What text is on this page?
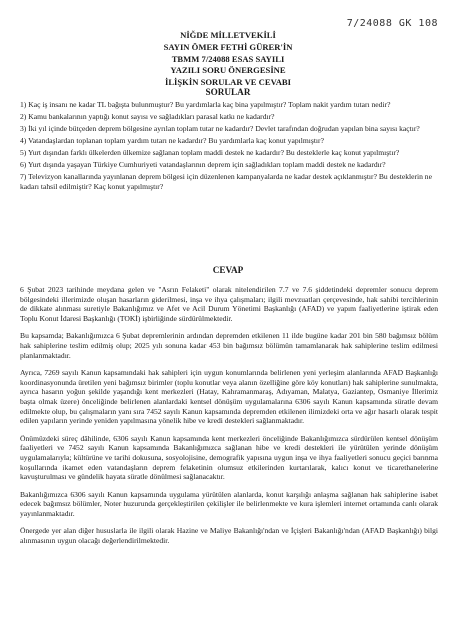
7/24088 GK 108
NİĞDE MİLLETVEKİLİ
SAYIN ÖMER FETHİ GÜRER'İN
TBMM 7/24088 ESAS SAYILI
YAZILI SORU ÖNERGESİNE
İLİŞKİN SORULAR VE CEVABI
SORULAR

1) Kaç iş insanı ne kadar TL bağışta bulunmuştur? Bu yardımlarla kaç bina yapılmıştır? Toplam nakit yardım tutarı nedir?

2) Kamu bankalarının yaptığı konut sayısı ve sağladıkları parasal katkı ne kadardır?

3) İki yıl içinde bütçeden deprem bölgesine ayrılan toplam tutar ne kadardır? Devlet tarafından doğrudan yapılan bina sayısı kaçtır?

4) Vatandaşlardan toplanan toplam yardım tutarı ne kadardır? Bu yardımlarla kaç konut yapılmıştır?

5) Yurt dışından farklı ülkelerden ülkemize sağlanan toplam maddi destek ne kadardır? Bu desteklerle kaç konut yapılmıştır?

6) Yurt dışında yaşayan Türkiye Cumhuriyeti vatandaşlarının deprem için sağladıkları toplam maddi destek ne kadardır?

7) Televizyon kanallarında yayınlanan deprem bölgesi için düzenlenen kampanyalarda ne kadar destek açıklanmıştır? Bu desteklerin ne kadarı tahsil edilmiştir? Kaç konut yapılmıştır?

CEVAP

6 Şubat 2023 tarihinde meydana gelen ve "Asrın Felaketi" olarak nitelendirilen 7.7 ve 7.6 şiddetindeki depremler sonucu deprem bölgesindeki illerimizde oluşan hasarların giderilmesi, inşa ve ihya çalışmaları; ilgili mevzuatları çerçevesinde, hak sahibi tercihlerinin de dikkate alınması suretiyle Bakanlığımız ve Afet ve Acil Durum Yönetimi Başkanlığı (AFAD) ve yapım faaliyetlerine iştirak eden Toplu Konut İdaresi Başkanlığı (TOKİ) işbirliğinde sürdürülmektedir.

Bu kapsamda; Bakanlığımızca 6 Şubat depremlerinin ardından depremden etkilenen 11 ilde bugüne kadar 201 bin 580 bağımsız bölüm hak sahiplerine teslim edilmiş olup; 2025 yılı sonuna kadar 453 bin bağımsız bölümün tamamlanarak hak sahiplerine teslim edilmesi planlanmaktadır.

Ayrıca, 7269 sayılı Kanun kapsamındaki hak sahipleri için uygun konumlarında belirlenen yeni yerleşim alanlarında AFAD Başkanlığı koordinasyonunda üretilen yeni bağımsız birimler (toplu konutlar veya alanın özelliğine göre köy konutları) hak sahiplerine sunulmakta, ayrıca hasarın yoğun şekilde yaşandığı kent merkezleri (Hatay, Kahramanmaraş, Adıyaman, Malatya, Gaziantep, Osmaniye İllerimiz başta olmak üzere) önceliğinde belirlenen alanlardaki kentsel dönüşüm uygulamalarına 6306 sayılı Kanun kapsamında süratle devam edilmekte olup, bu çalışmaların yanı sıra 7452 sayılı Kanun kapsamında depremden etkilenen ilimizdeki orta ve ağır hasarlı olarak tespit edilen yapıların yerinde yeniden yapılmasına yönelik hibe ve kredi destekleri sağlanmaktadır.

Önümüzdeki süreç dâhilinde, 6306 sayılı Kanun kapsamında kent merkezleri önceliğinde Bakanlığımızca sürdürülen kentsel dönüşüm faaliyetleri ve 7452 sayılı Kanun kapsamında Bakanlığımızca sağlanan hibe ve kredi destekleri ile yürütülen yerinde dönüşüm uygulamalarıyla; kültürüne ve tarihi dokusuna, sosyolojisine, demografik yapısına uygun inşa ve ihya faaliyetleri sonucu geçici barınma koşullarında ikamet eden vatandaşların deprem felaketinin olumsuz etkilerinden kurtarılarak, kalıcı konut ve ticarethanelerine kavuşturulması ve gündelik hayata süratle dönülmesi sağlanacaktır.

Bakanlığımızca 6306 sayılı Kanun kapsamında uygulama yürütülen alanlarda, konut karşılığı anlaşma sağlanan hak sahiplerine isabet edecek bağımsız bölümler, Noter huzurunda gerçekleştirilen çekilişler ile belirlenmekte ve kura işlemleri internet ortamında canlı olarak yayınlanmaktadır.

Önergede yer alan diğer hususlarla ile ilgili olarak Hazine ve Maliye Bakanlığı'ndan ve İçişleri Bakanlığı'ndan (AFAD Başkanlığı) bilgi alınmasının uygun olacağı değerlendirilmektedir.
